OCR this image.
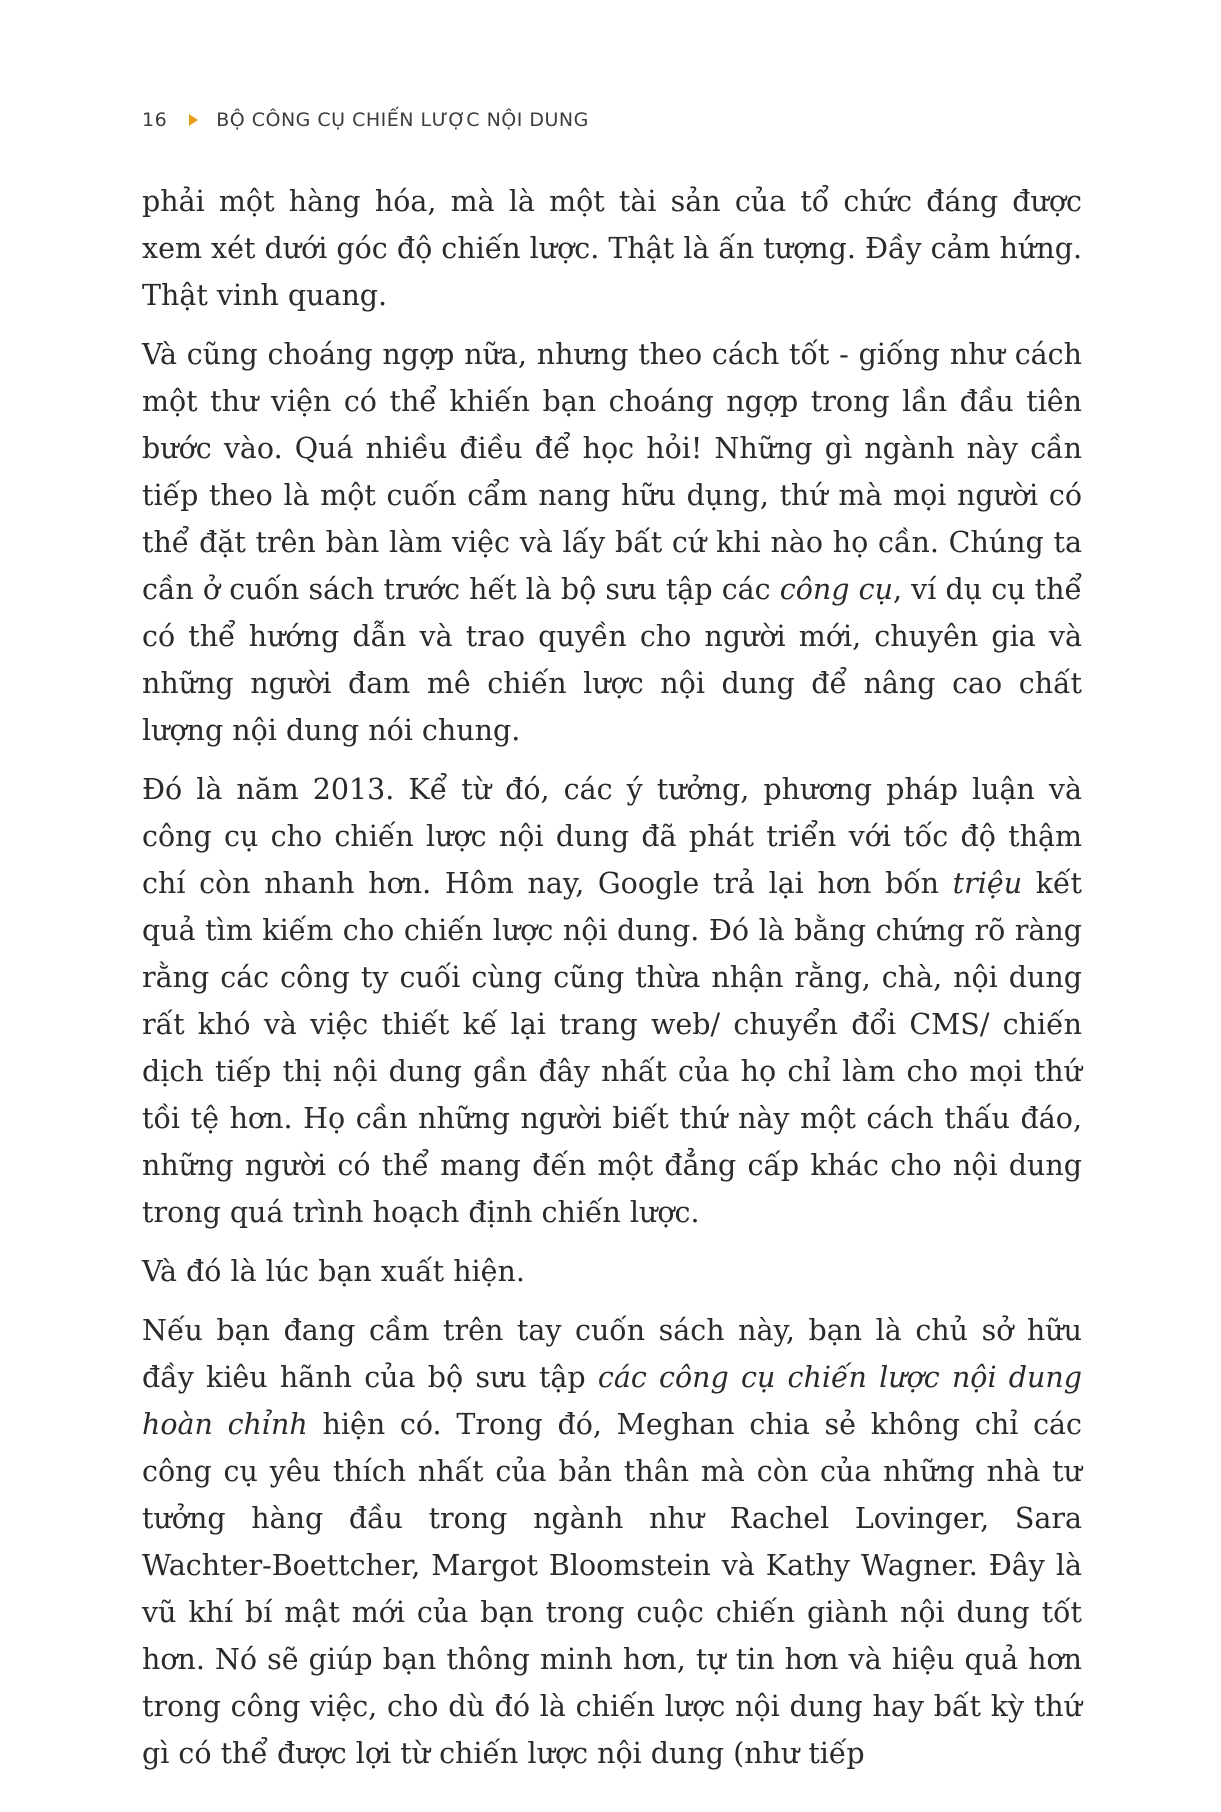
16	BỘ CÔNG CỤ CHIẾN LƯỢC NỘI DUNG

phải một hàng hóa, mà là một tài sản của tổ chức đáng được xem xét dưới góc độ chiến lược. Thật là ấn tượng. Đầy cảm hứng. Thật vinh quang.

Và cũng choáng ngợp nữa, nhưng theo cách tốt - giống như cách một thư viện có thể khiến bạn choáng ngợp trong lần đầu tiên bước vào. Quá nhiều điều để học hỏi! Những gì ngành này cần tiếp theo là một cuốn cẩm nang hữu dụng, thứ mà mọi người có thể đặt trên bàn làm việc và lấy bất cứ khi nào họ cần. Chúng ta cần ở cuốn sách trước hết là bộ sưu tập các công cụ, ví dụ cụ thể có thể hướng dẫn và trao quyền cho người mới, chuyên gia và những người đam mê chiến lược nội dung để nâng cao chất lượng nội dung nói chung.

Đó là năm 2013. Kể từ đó, các ý tưởng, phương pháp luận và công cụ cho chiến lược nội dung đã phát triển với tốc độ thậm chí còn nhanh hơn. Hôm nay, Google trả lại hơn bốn triệu kết quả tìm kiếm cho chiến lược nội dung. Đó là bằng chứng rõ ràng rằng các công ty cuối cùng cũng thừa nhận rằng, chà, nội dung rất khó và việc thiết kế lại trang web/ chuyển đổi CMS/ chiến dịch tiếp thị nội dung gần đây nhất của họ chỉ làm cho mọi thứ tồi tệ hơn. Họ cần những người biết thứ này một cách thấu đáo, những người có thể mang đến một đẳng cấp khác cho nội dung trong quá trình hoạch định chiến lược.

Và đó là lúc bạn xuất hiện.

Nếu bạn đang cầm trên tay cuốn sách này, bạn là chủ sở hữu đầy kiêu hãnh của bộ sưu tập các công cụ chiến lược nội dung hoàn chỉnh hiện có. Trong đó, Meghan chia sẻ không chỉ các công cụ yêu thích nhất của bản thân mà còn của những nhà tư tưởng hàng đầu trong ngành như Rachel Lovinger, Sara Wachter-Boettcher, Margot Bloomstein và Kathy Wagner. Đây là vũ khí bí mật mới của bạn trong cuộc chiến giành nội dung tốt hơn. Nó sẽ giúp bạn thông minh hơn, tự tin hơn và hiệu quả hơn trong công việc, cho dù đó là chiến lược nội dung hay bất kỳ thứ gì có thể được lợi từ chiến lược nội dung (như tiếp
